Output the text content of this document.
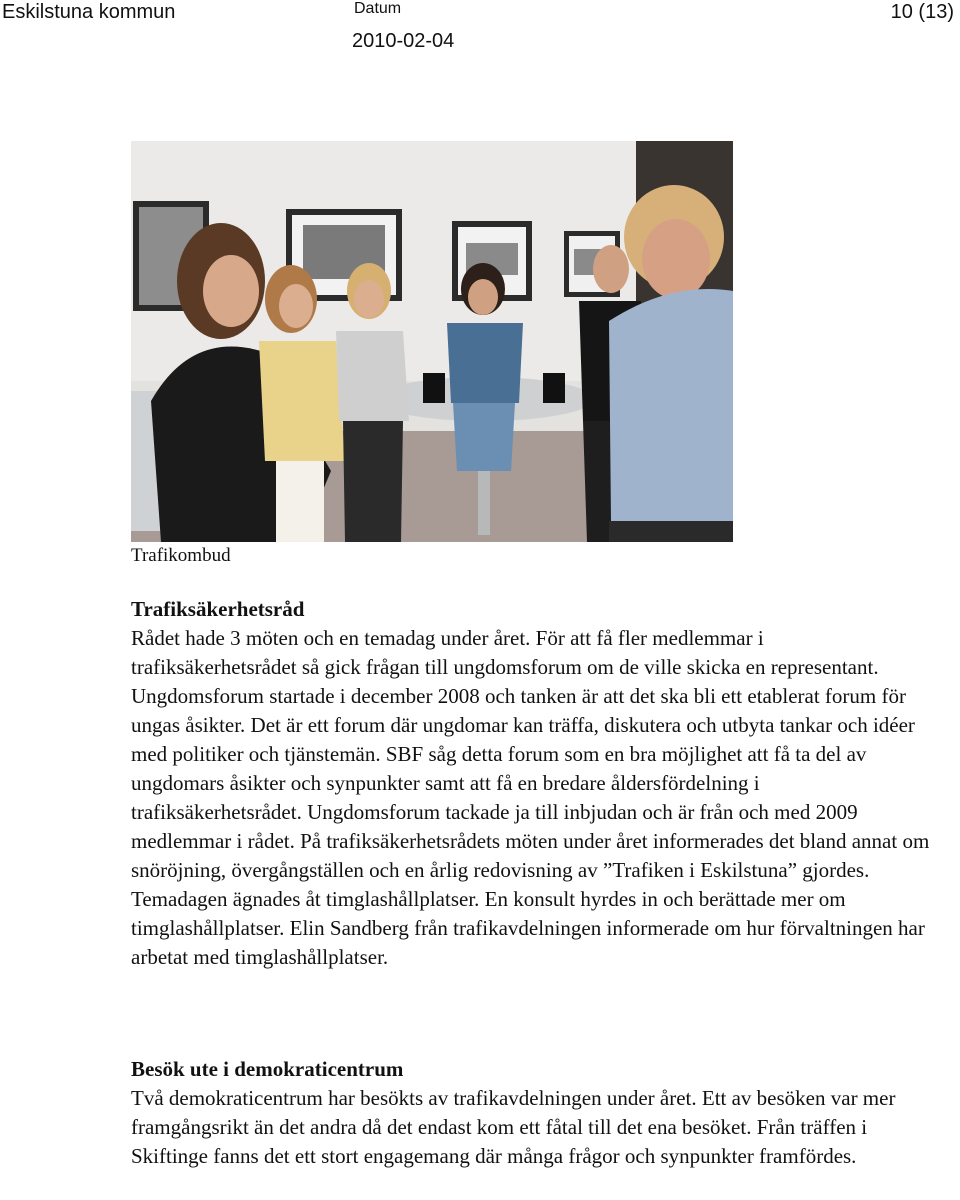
Eskilstuna kommun	Datum
2010-02-04
10 (13)
Trafikombud
Trafiksäkerhetsråd

Rådet hade 3 möten och en temadag under året. För att få fler medlemmar i trafiksäkerhetsrådet så gick frågan till ungdomsforum om de ville skicka en representant. Ungdomsforum startade i december 2008 och tanken är att det ska bli ett etablerat forum för ungas åsikter. Det är ett forum där ungdomar kan träffa, diskutera och utbyta tankar och idéer med politiker och tjänstemän. SBF såg detta forum som en bra möjlighet att få ta del av ungdomars åsikter och synpunkter samt att få en bredare åldersfördelning i trafiksäkerhetsrådet. Ungdomsforum tackade ja till inbjudan och är från och med 2009 medlemmar i rådet. På trafiksäkerhetsrådets möten under året informerades det bland annat om snöröjning, övergångställen och en årlig redovisning av ”Trafiken i Eskilstuna” gjordes. Temadagen ägnades åt timglashållplatser. En konsult hyrdes in och berättade mer om timglashållplatser. Elin Sandberg från trafikavdelningen informerade om hur förvaltningen har arbetat med timglashållplatser.

Besök ute i demokraticentrum

Två demokraticentrum har besökts av trafikavdelningen under året. Ett av besöken var mer framgångsrikt än det andra då det endast kom ett fåtal till det ena besöket. Från träffen i Skiftinge fanns det ett stort engagemang där många frågor och synpunkter framfördes.
